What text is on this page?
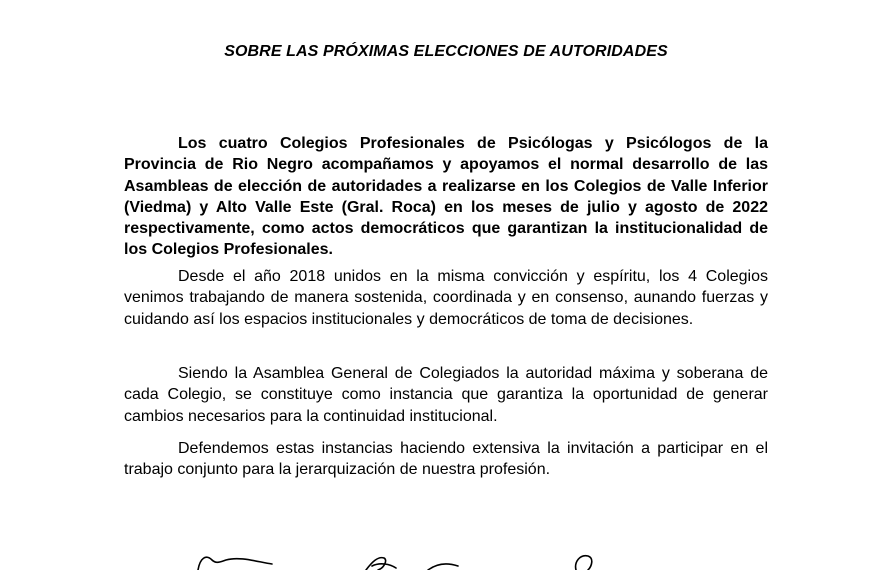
SOBRE LAS PRÓXIMAS ELECCIONES DE AUTORIDADES

Los cuatro Colegios Profesionales de Psicólogas y Psicólogos de la Provincia de Rio Negro acompañamos y apoyamos el normal desarrollo de las Asambleas de elección de autoridades a realizarse en los Colegios de Valle Inferior (Viedma) y Alto Valle Este (Gral. Roca) en los meses de julio y agosto de 2022 respectivamente, como actos democráticos que garantizan la institucionalidad de los Colegios Profesionales.

Desde el año 2018 unidos en la misma convicción y espíritu, los 4 Colegios venimos trabajando de manera sostenida, coordinada y en consenso, aunando fuerzas y cuidando así los espacios institucionales y democráticos de toma de decisiones.

Siendo la Asamblea General de Colegiados la autoridad máxima y soberana de cada Colegio, se constituye como instancia que garantiza la oportunidad de generar cambios necesarios para la continuidad institucional.

Defendemos estas instancias haciendo extensiva la invitación a participar en el trabajo conjunto para la jerarquización de nuestra profesión.
